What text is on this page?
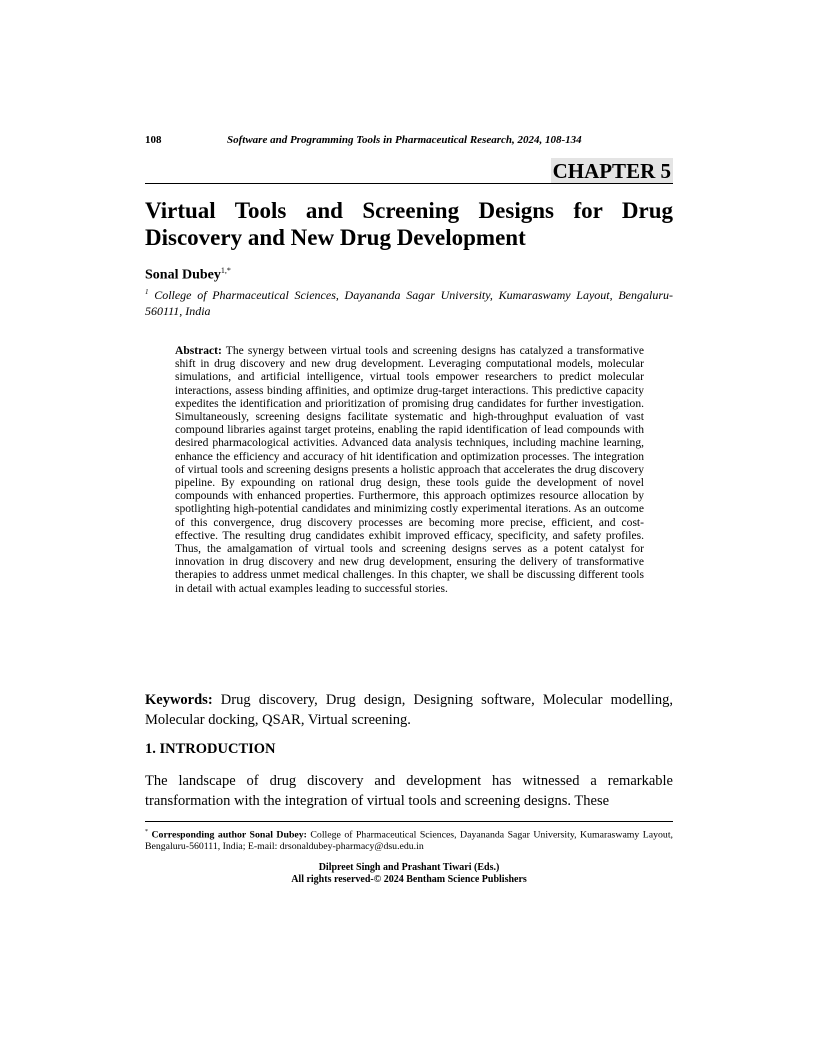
108	Software and Programming Tools in Pharmaceutical Research, 2024, 108-134
CHAPTER 5
Virtual Tools and Screening Designs for Drug Discovery and New Drug Development
Sonal Dubey$^{1,*}$
$^1$ College of Pharmaceutical Sciences, Dayananda Sagar University, Kumaraswamy Layout, Bengaluru-560111, India
Abstract: The synergy between virtual tools and screening designs has catalyzed a transformative shift in drug discovery and new drug development. Leveraging computational models, molecular simulations, and artificial intelligence, virtual tools empower researchers to predict molecular interactions, assess binding affinities, and optimize drug-target interactions. This predictive capacity expedites the identification and prioritization of promising drug candidates for further investigation. Simultaneously, screening designs facilitate systematic and high-throughput evaluation of vast compound libraries against target proteins, enabling the rapid identification of lead compounds with desired pharmacological activities. Advanced data analysis techniques, including machine learning, enhance the efficiency and accuracy of hit identification and optimization processes. The integration of virtual tools and screening designs presents a holistic approach that accelerates the drug discovery pipeline. By expounding on rational drug design, these tools guide the development of novel compounds with enhanced properties. Furthermore, this approach optimizes resource allocation by spotlighting high-potential candidates and minimizing costly experimental iterations. As an outcome of this convergence, drug discovery processes are becoming more precise, efficient, and cost-effective. The resulting drug candidates exhibit improved efficacy, specificity, and safety profiles. Thus, the amalgamation of virtual tools and screening designs serves as a potent catalyst for innovation in drug discovery and new drug development, ensuring the delivery of transformative therapies to address unmet medical challenges. In this chapter, we shall be discussing different tools in detail with actual examples leading to successful stories.
Keywords: Drug discovery, Drug design, Designing software, Molecular modelling, Molecular docking, QSAR, Virtual screening.
1. INTRODUCTION
The landscape of drug discovery and development has witnessed a remarkable transformation with the integration of virtual tools and screening designs. These
* Corresponding author Sonal Dubey: College of Pharmaceutical Sciences, Dayananda Sagar University, Kumaraswamy Layout, Bengaluru-560111, India; E-mail: drsonaldubey-pharmacy@dsu.edu.in
Dilpreet Singh and Prashant Tiwari (Eds.)
All rights reserved-© 2024 Bentham Science Publishers
